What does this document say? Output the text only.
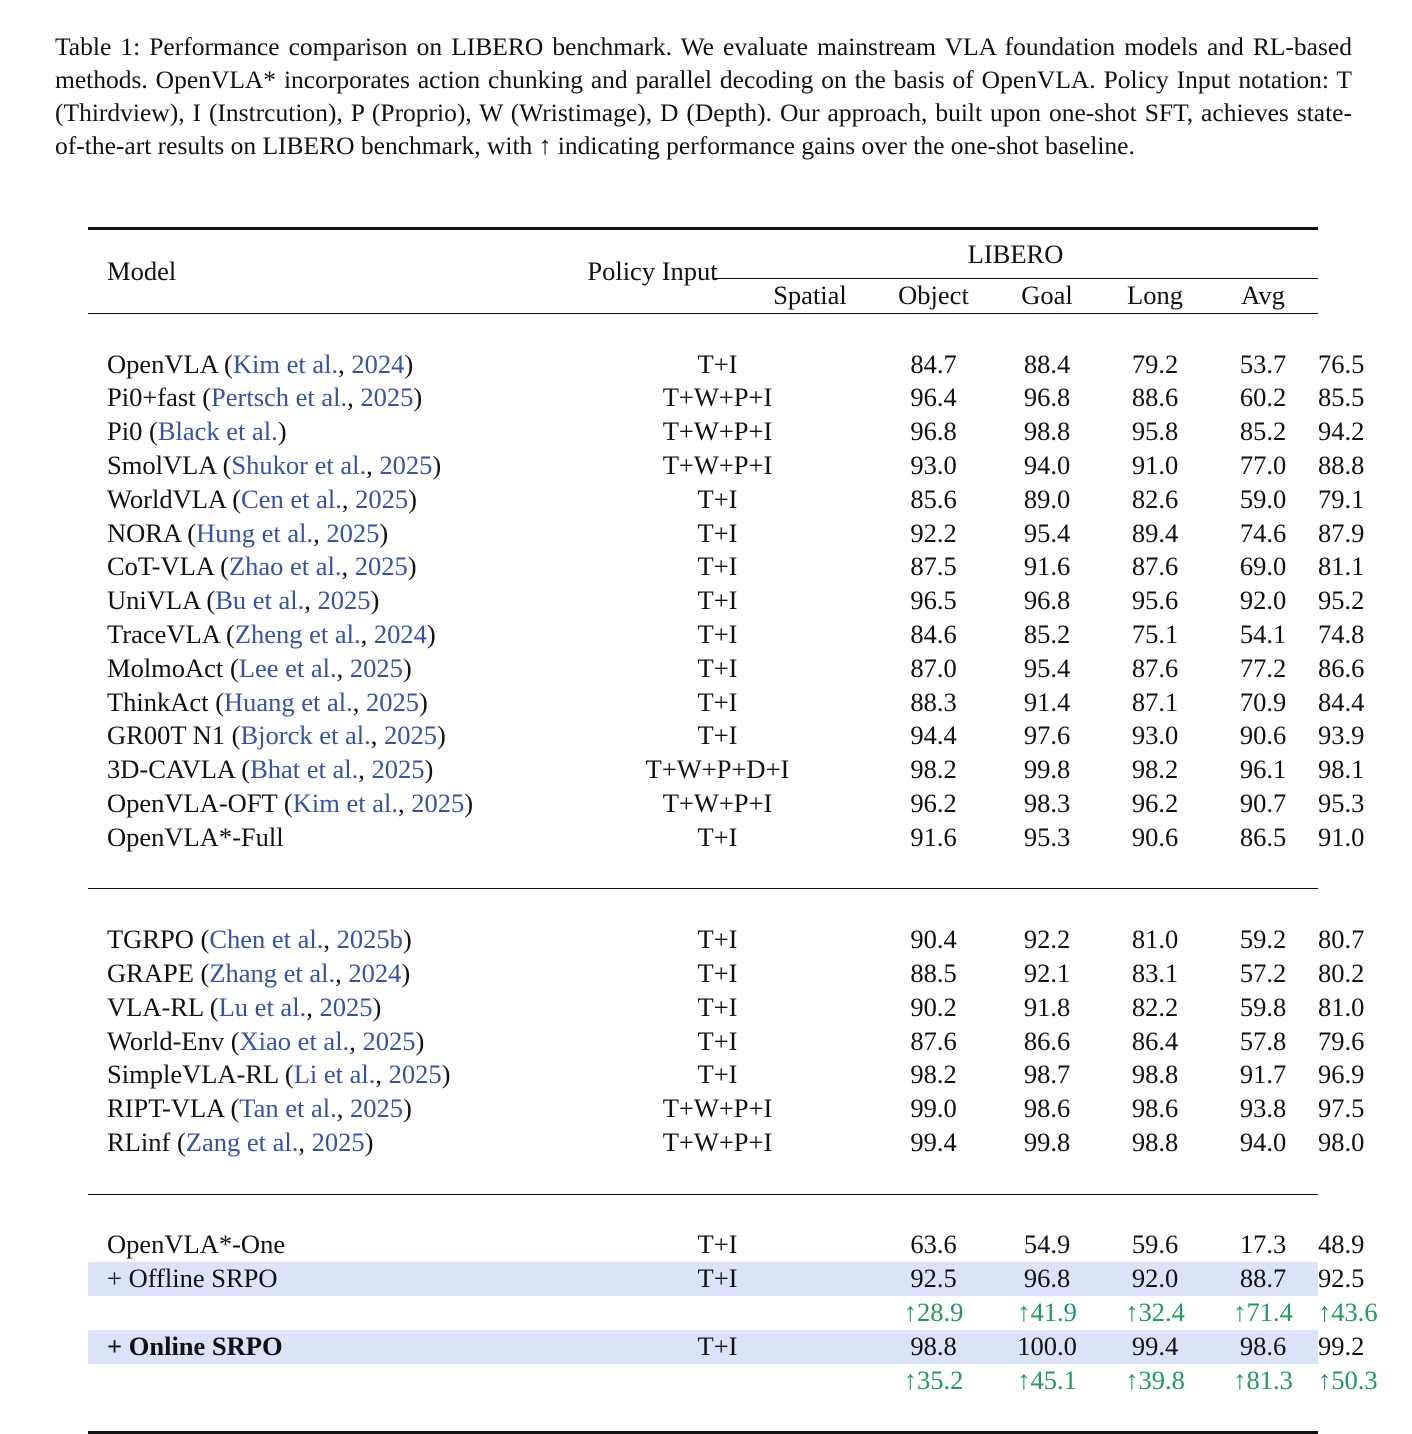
Table 1: Performance comparison on LIBERO benchmark. We evaluate mainstream VLA foundation models and RL-based methods. OpenVLA* incorporates action chunking and parallel decoding on the basis of OpenVLA. Policy Input notation: T (Thirdview), I (Instrcution), P (Proprio), W (Wristimage), D (Depth). Our approach, built upon one-shot SFT, achieves state-of-the-art results on LIBERO benchmark, with ↑ indicating performance gains over the one-shot baseline.
Model	Policy Input	LIBERO					

		Spatial	Object	Goal	Long	Avg	

OpenVLA (Kim et al., 2024)	T+I		84.7	88.4	79.2	53.7	76.5
Pi0+fast (Pertsch et al., 2025)	T+W+P+I		96.4	96.8	88.6	60.2	85.5
Pi0 (Black et al.)	T+W+P+I		96.8	98.8	95.8	85.2	94.2
SmolVLA (Shukor et al., 2025)	T+W+P+I		93.0	94.0	91.0	77.0	88.8
WorldVLA (Cen et al., 2025)	T+I		85.6	89.0	82.6	59.0	79.1
NORA (Hung et al., 2025)	T+I		92.2	95.4	89.4	74.6	87.9
CoT-VLA (Zhao et al., 2025)	T+I		87.5	91.6	87.6	69.0	81.1
UniVLA (Bu et al., 2025)	T+I		96.5	96.8	95.6	92.0	95.2
TraceVLA (Zheng et al., 2024)	T+I		84.6	85.2	75.1	54.1	74.8
MolmoAct (Lee et al., 2025)	T+I		87.0	95.4	87.6	77.2	86.6
ThinkAct (Huang et al., 2025)	T+I		88.3	91.4	87.1	70.9	84.4
GR00T N1 (Bjorck et al., 2025)	T+I		94.4	97.6	93.0	90.6	93.9
3D-CAVLA (Bhat et al., 2025)	T+W+P+D+I		98.2	99.8	98.2	96.1	98.1
OpenVLA-OFT (Kim et al., 2025)	T+W+P+I		96.2	98.3	96.2	90.7	95.3
OpenVLA*-Full	T+I		91.6	95.3	90.6	86.5	91.0

TGRPO (Chen et al., 2025b)	T+I		90.4	92.2	81.0	59.2	80.7
GRAPE (Zhang et al., 2024)	T+I		88.5	92.1	83.1	57.2	80.2
VLA-RL (Lu et al., 2025)	T+I		90.2	91.8	82.2	59.8	81.0
World-Env (Xiao et al., 2025)	T+I		87.6	86.6	86.4	57.8	79.6
SimpleVLA-RL (Li et al., 2025)	T+I		98.2	98.7	98.8	91.7	96.9
RIPT-VLA (Tan et al., 2025)	T+W+P+I		99.0	98.6	98.6	93.8	97.5
RLinf (Zang et al., 2025)	T+W+P+I		99.4	99.8	98.8	94.0	98.0

OpenVLA*-One	T+I		63.6	54.9	59.6	17.3	48.9
+ Offline SRPO	T+I		92.5	96.8	92.0	88.7	92.5
			↑28.9	↑41.9	↑32.4	↑71.4	↑43.6
+ Online SRPO	T+I		98.8	100.0	99.4	98.6	99.2
			↑35.2	↑45.1	↑39.8	↑81.3	↑50.3
